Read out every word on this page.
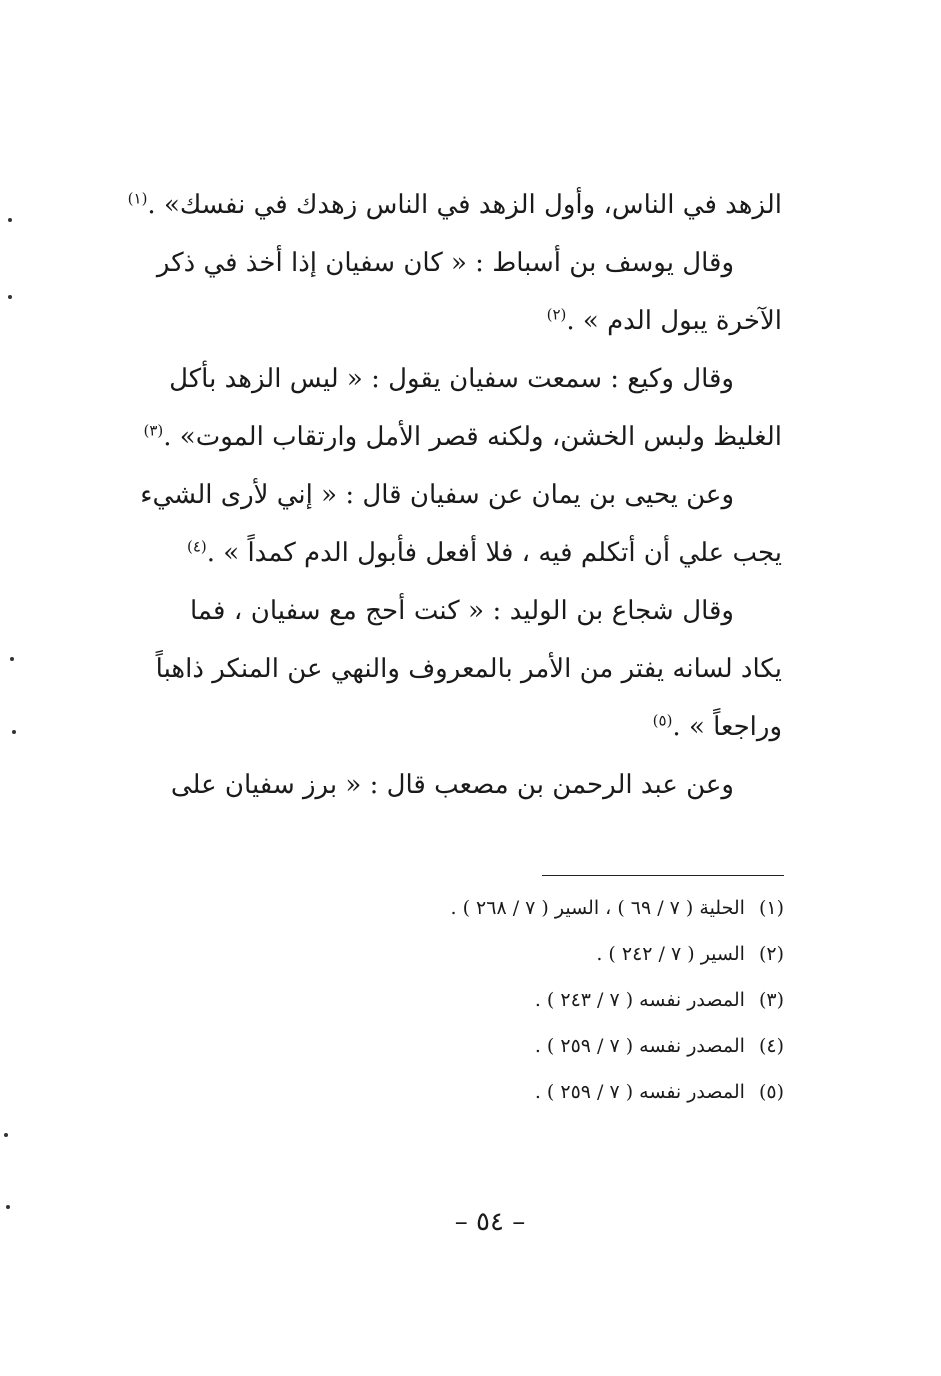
الزهد في الناس، وأول الزهد في الناس زهدك في نفسك» .$^{(١)}$
وقال يوسف بن أسباط : « كان سفيان إذا أخذ في ذكر
الآخرة يبول الدم » .$^{(٢)}$
وقال وكيع : سمعت سفيان يقول : « ليس الزهد بأكل
الغليظ ولبس الخشن، ولكنه قصر الأمل وارتقاب الموت» .$^{(٣)}$
وعن يحيى بن يمان عن سفيان قال : « إني لأرى الشيء
يجب علي أن أتكلم فيه ، فلا أفعل فأبول الدم كمداً » .$^{(٤)}$
وقال شجاع بن الوليد : « كنت أحج مع سفيان ، فما
يكاد لسانه يفتر من الأمر بالمعروف والنهي عن المنكر ذاهباً
وراجعاً » .$^{(٥)}$
وعن عبد الرحمن بن مصعب قال : « برز سفيان على
(١)الحلية ( ٧ / ٦٩ ) ، السير ( ٧ / ٢٦٨ ) .
(٢)السير ( ٧ / ٢٤٢ ) .
(٣)المصدر نفسه ( ٧ / ٢٤٣ ) .
(٤)المصدر نفسه ( ٧ / ٢٥٩ ) .
(٥)المصدر نفسه ( ٧ / ٢٥٩ ) .
– ٥٤ –
